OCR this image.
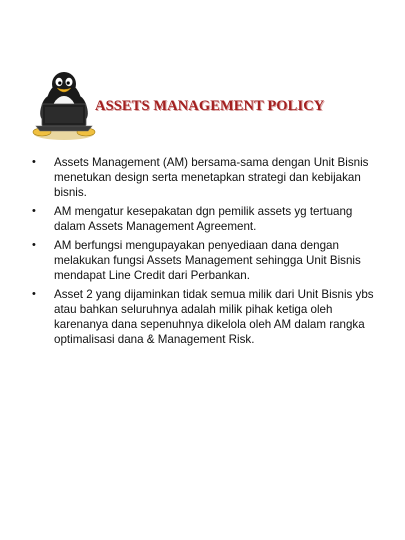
ASSETS MANAGEMENT POLICY
• Assets Management (AM) bersama-sama dengan Unit Bisnis menetukan design serta menetapkan strategi dan kebijakan bisnis.
• AM mengatur kesepakatan dgn pemilik assets yg tertuang dalam Assets Management Agreement.
• AM berfungsi mengupayakan penyediaan dana dengan melakukan fungsi Assets Management sehingga Unit Bisnis mendapat Line Credit dari Perbankan.
• Asset 2 yang dijaminkan tidak semua milik dari Unit Bisnis ybs atau bahkan seluruhnya adalah milik pihak ketiga oleh karenanya dana sepenuhnya dikelola oleh AM dalam rangka optimalisasi dana & Management Risk.
